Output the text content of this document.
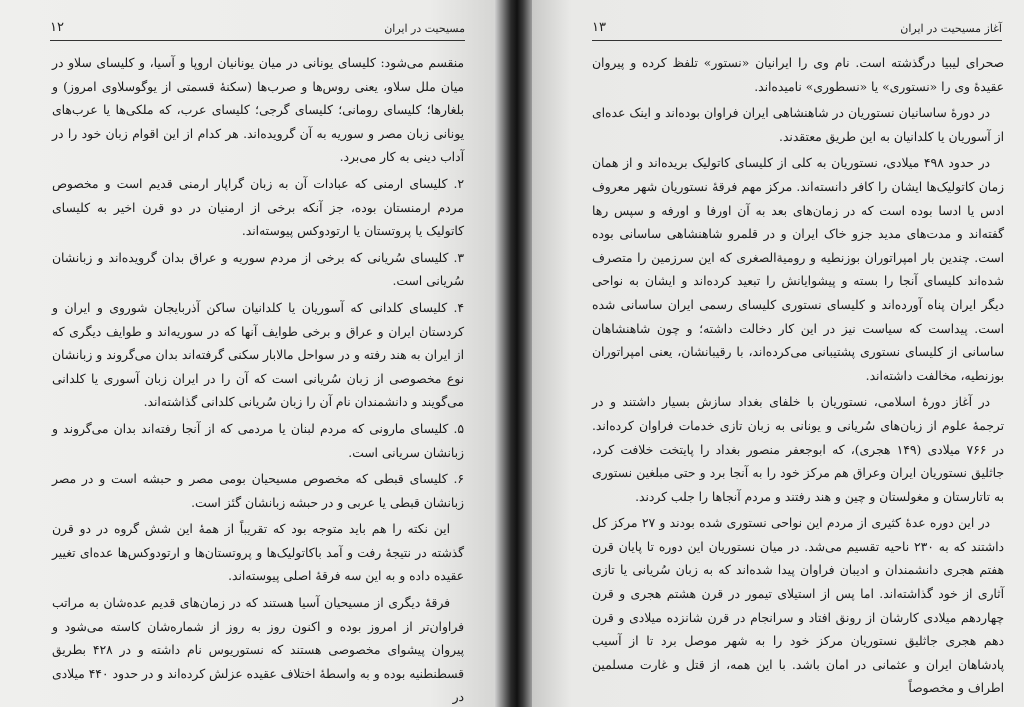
مسیحیت در ایران
۱۲

منقسم می‌شود: کلیسای یونانی در میان یونانیان اروپا و آسیا، و کلیسای سلاو در میان ملل سلاو، یعنی روس‌ها و صرب‌ها (سکنهٔ قسمتی از یوگوسلاوی امروز) و بلغارها؛ کلیسای رومانی؛ کلیسای گرجی؛ کلیسای عرب، که ملکی‌ها یا عرب‌های یونانی زبان مصر و سوریه به آن گرویده‌اند. هر کدام از این اقوام زبان خود را در آداب دینی به کار می‌برد.

۲. کلیسای ارمنی که عبادات آن به زبان گراپار ارمنی قدیم است و مخصوص مردم ارمنستان بوده، جز آنکه برخی از ارمنیان در دو قرن اخیر به کلیسای کاتولیک یا پروتستان یا ارتودوکس پیوسته‌اند.

۳. کلیسای سُریانی که برخی از مردم سوریه و عراق بدان گرویده‌اند و زبانشان سُریانی است.

۴. کلیسای کلدانی که آسوریان یا کلدانیان ساکن آذربایجان شوروی و ایران و کردستان ایران و عراق و برخی طوایف آنها که در سوریه‌اند و طوایف دیگری که از ایران به هند رفته و در سواحل مالابار سکنی گرفته‌اند بدان می‌گروند و زبانشان نوع مخصوصی از زبان سُریانی است که آن را در ایران زبان آسوری یا کلدانی می‌گویند و دانشمندان نام آن را زبان سُریانی کلدانی گذاشته‌اند.

۵. کلیسای مارونی که مردم لبنان یا مردمی که از آنجا رفته‌اند بدان می‌گروند و زبانشان سریانی است.

۶. کلیسای قبطی که مخصوص مسیحیان بومی مصر و حبشه است و در مصر زبانشان قبطی یا عربی و در حبشه زبانشان گئز است.

این نکته را هم باید متوجه بود که تقریباً از همهٔ این شش گروه در دو قرن گذشته در نتیجهٔ رفت و آمد باکاتولیک‌ها و پروتستان‌ها و ارتودوکس‌ها عده‌ای تغییر عقیده داده و به این سه فرقهٔ اصلی پیوسته‌اند.

فرقهٔ دیگری از مسیحیان آسیا هستند که در زمان‌های قدیم عده‌شان به مراتب فراوان‌تر از امروز بوده و اکنون روز به روز از شماره‌شان کاسته می‌شود و پیروان پیشوای مخصوصی هستند که نستوریوس نام داشته و در ۴۲۸ بطریق قسطنطنیه بوده و به واسطهٔ اختلاف عقیده عزلش کرده‌اند و در حدود ۴۴۰ میلادی در

آغاز مسیحیت در ایران
۱۳

صحرای لیبیا درگذشته است. نام وی را ایرانیان «نستور» تلفظ کرده و پیروان عقیدهٔ وی را «نستوری» یا «نسطوری» نامیده‌اند.

در دورهٔ ساسانیان نستوریان در شاهنشاهی ایران فراوان بوده‌اند و اینک عده‌ای از آسوریان یا کلدانیان به این طریق معتقدند.

در حدود ۴۹۸ میلادی، نستوریان به کلی از کلیسای کاتولیک بریده‌اند و از همان زمان کاتولیک‌ها ایشان را کافر دانسته‌اند. مرکز مهم فرقهٔ نستوریان شهر معروف ادس یا ادسا بوده است که در زمان‌های بعد به آن اورفا و اورفه و سپس رها گفته‌اند و مدت‌های مدید جزو خاک ایران و در قلمرو شاهنشاهی ساسانی بوده است. چندین بار امپراتوران بوزنطیه و رومیةالصغری که این سرزمین را متصرف شده‌اند کلیسای آنجا را بسته و پیشوایانش را تبعید کرده‌اند و ایشان به نواحی دیگر ایران پناه آورده‌اند و کلیسای نستوری کلیسای رسمی ایران ساسانی شده است. پیداست که سیاست نیز در این کار دخالت داشته؛ و چون شاهنشاهان ساسانی از کلیسای نستوری پشتیبانی می‌کرده‌اند، با رقیبانشان، یعنی امپراتوران بوزنطیه، مخالفت داشته‌اند.

در آغاز دورهٔ اسلامی، نستوریان با خلفای بغداد سازش بسیار داشتند و در ترجمهٔ علوم از زبان‌های سُریانی و یونانی به زبان تازی خدمات فراوان کرده‌اند. در ۷۶۶ میلادی (۱۴۹ هجری)، که ابوجعفر منصور بغداد را پایتخت خلافت کرد، جاثلیق نستوریان ایران وعراق هم مرکز خود را به آنجا برد و حتی مبلغین نستوری به تاتارستان و مغولستان و چین و هند رفتند و مردم آنجاها را جلب کردند.

در این دوره عدهٔ کثیری از مردم این نواحی نستوری شده بودند و ۲۷ مرکز کل داشتند که به ۲۳۰ ناحیه تقسیم می‌شد. در میان نستوریان این دوره تا پایان قرن هفتم هجری دانشمندان و ادیبان فراوان پیدا شده‌اند که به زبان سُریانی یا تازی آثاری از خود گذاشته‌اند. اما پس از استیلای تیمور در قرن هشتم هجری و قرن چهاردهم میلادی کارشان از رونق افتاد و سرانجام در قرن شانزده میلادی و قرن دهم هجری جاثلیق نستوریان مرکز خود را به شهر موصل برد تا از آسیب پادشاهان ایران و عثمانی در امان باشد. با این همه، از قتل و غارت مسلمین اطراف و مخصوصاً
